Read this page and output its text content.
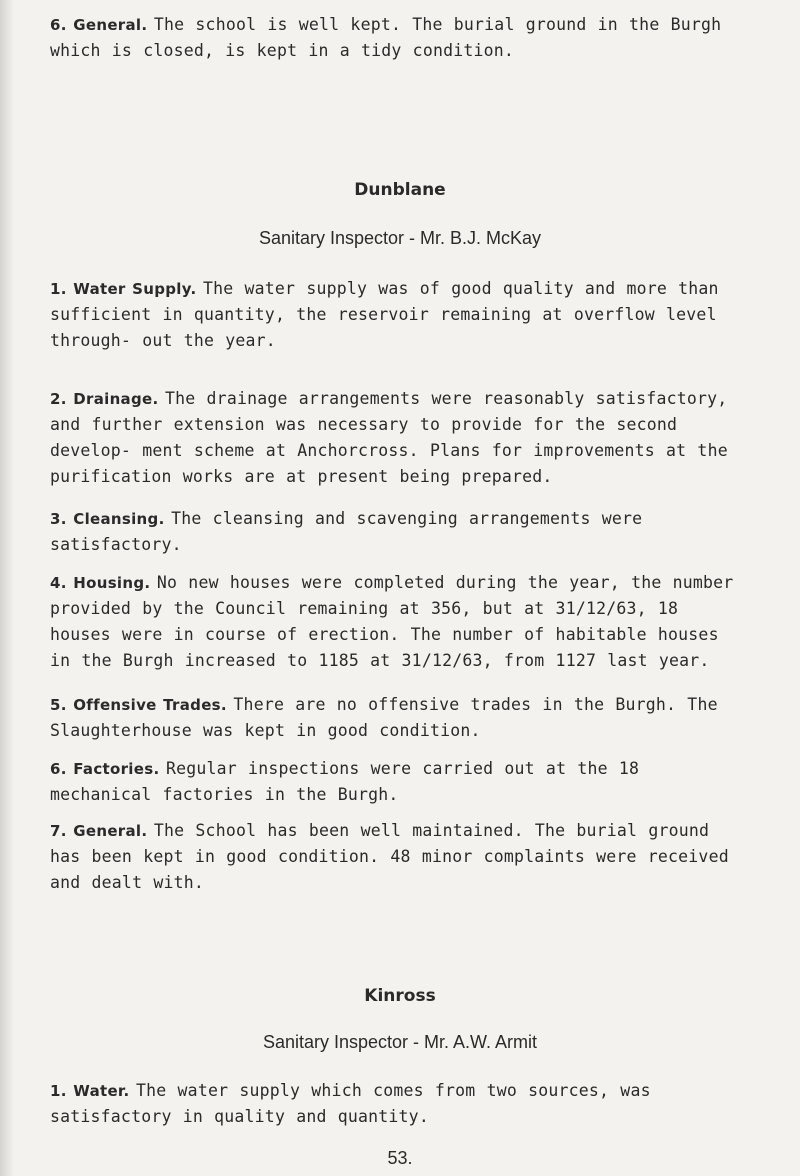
6. General. The school is well kept. The burial ground in the Burgh which is closed, is kept in a tidy condition.

Dunblane

Sanitary Inspector - Mr. B.J. McKay

1. Water Supply. The water supply was of good quality and more than sufficient in quantity, the reservoir remaining at overflow level through- out the year.

2. Drainage. The drainage arrangements were reasonably satisfactory, and further extension was necessary to provide for the second develop- ment scheme at Anchorcross. Plans for improvements at the purification works are at present being prepared.

3. Cleansing. The cleansing and scavenging arrangements were satisfactory.

4. Housing. No new houses were completed during the year, the number provided by the Council remaining at 356, but at 31/12/63, 18 houses were in course of erection. The number of habitable houses in the Burgh increased to 1185 at 31/12/63, from 1127 last year.

5. Offensive Trades. There are no offensive trades in the Burgh. The Slaughterhouse was kept in good condition.

6. Factories. Regular inspections were carried out at the 18 mechanical factories in the Burgh.

7. General. The School has been well maintained. The burial ground has been kept in good condition. 48 minor complaints were received and dealt with.

Kinross

Sanitary Inspector - Mr. A.W. Armit

1. Water. The water supply which comes from two sources, was satisfactory in quality and quantity.

53.
